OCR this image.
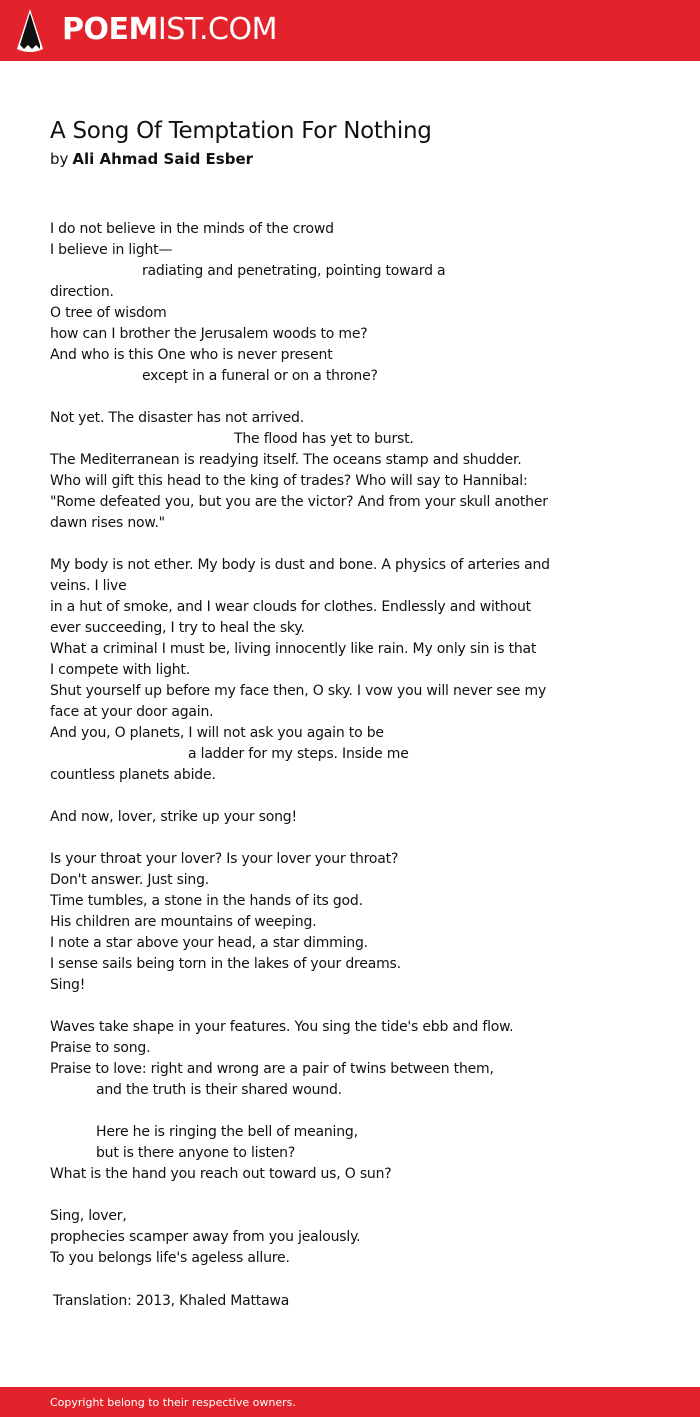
POEMIST.COM
A Song Of Temptation For Nothing
by Ali Ahmad Said Esber
I do not believe in the minds of the crowd
I believe in light—
radiating and penetrating, pointing toward a
direction.
O tree of wisdom
how can I brother the Jerusalem woods to me?
And who is this One who is never present
except in a funeral or on a throne?
Not yet. The disaster has not arrived.
The flood has yet to burst.
The Mediterranean is readying itself. The oceans stamp and shudder.
Who will gift this head to the king of trades? Who will say to Hannibal:
"Rome defeated you, but you are the victor? And from your skull another
dawn rises now."
My body is not ether. My body is dust and bone. A physics of arteries and
veins. I live
in a hut of smoke, and I wear clouds for clothes. Endlessly and without
ever succeeding, I try to heal the sky.
What a criminal I must be, living innocently like rain. My only sin is that
I compete with light.
Shut yourself up before my face then, O sky. I vow you will never see my
face at your door again.
And you, O planets, I will not ask you again to be
a ladder for my steps. Inside me
countless planets abide.
And now, lover, strike up your song!
Is your throat your lover? Is your lover your throat?
Don't answer. Just sing.
Time tumbles, a stone in the hands of its god.
His children are mountains of weeping.
I note a star above your head, a star dimming.
I sense sails being torn in the lakes of your dreams.
Sing!
Waves take shape in your features. You sing the tide's ebb and flow.
Praise to song.
Praise to love: right and wrong are a pair of twins between them,
and the truth is their shared wound.
Here he is ringing the bell of meaning,
but is there anyone to listen?
What is the hand you reach out toward us, O sun?
Sing, lover,
prophecies scamper away from you jealously.
To you belongs life's ageless allure.
Translation: 2013, Khaled Mattawa
Copyright belong to their respective owners.
